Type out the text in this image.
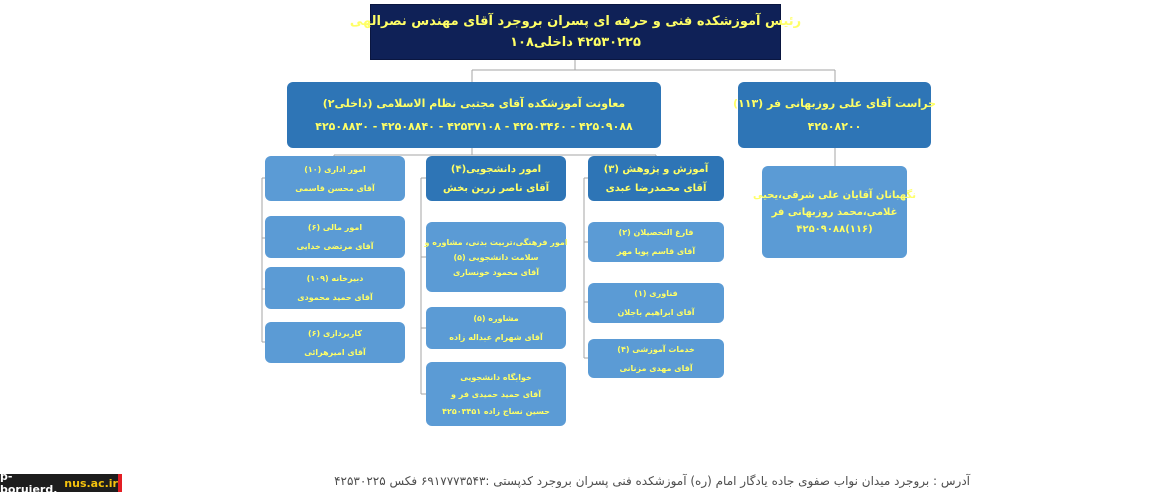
رئیس آموزشکده فنی و حرفه ای پسران بروجرد آقای مهندس نصرالهی
۴۲۵۳۰۲۲۵ داخلی۱۰۸
معاونت آموزشکده آقای مجتبی نظام الاسلامی (داخلی۲)
۴۲۵۰۹۰۸۸ - ۴۲۵۰۳۴۶۰ - ۴۲۵۳۷۱۰۸ - ۴۲۵۰۸۸۴۰ - ۴۲۵۰۸۸۳۰
حراست آقای علی روزبهانی فر (۱۱۳)
۴۲۵۰۸۲۰۰
نگهبانان آقایان علی شرقی،یحیی
غلامی،محمد روزبهانی فر
(۱۱۶)۴۲۵۰۹۰۸۸
امور اداری (۱۰)
آقای محسن قاسمی
امور مالی (۶)
آقای مرتضی خدایی
دبیرخانه (۱۰۹)
آقای حمید محمودی
کاریردازی (۶)
آقای امیرهرائی
امور دانشجویی(۴)
آقای ناصر زرین بخش
امور فرهنگی،تربیت بدنی، مشاوره و
سلامت دانشجویی (۵)
آقای محمود خونساری
مشاوره (۵)
آقای شهرام عبداله زاده
خوابگاه دانشجویی
آقای حمید حمیدی فر و
حسین نساج زاده ۴۲۵۰۳۴۵۱
آموزش و پژوهش (۳)
آقای محمدرضا عبدی
فارغ التحصیلان (۲)
آقای قاسم پویا مهر
فناوری (۱)
آقای ابراهیم باجلان
خدمات آموزشی (۴)
آقای مهدی مزنانی
آدرس : بروجرد میدان نواب صفوی جاده یادگار امام (ره) آموزشکده فنی پسران بروجرد کدپستی :۶۹۱۷۷۷۳۵۴۳ فکس ۴۲۵۳۰۲۲۵
p-borujerd. nus.ac.ir
